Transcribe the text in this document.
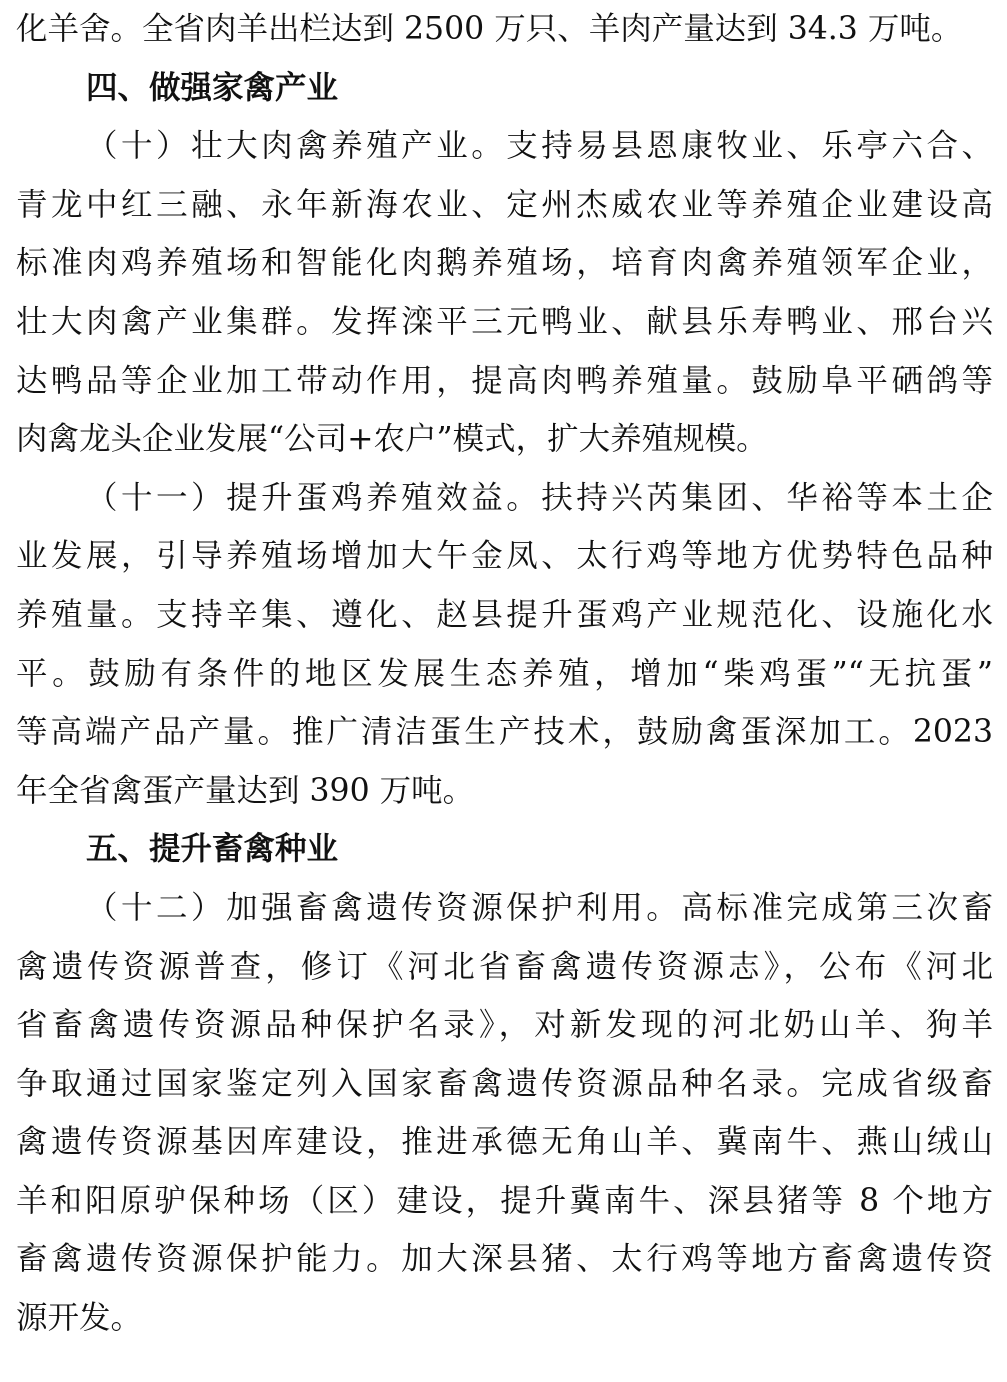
化羊舍。全省肉羊出栏达到 2500 万只、羊肉产量达到 34.3 万吨。
四、做强家禽产业
（十）壮大肉禽养殖产业。支持易县恩康牧业、乐亭六合、
青龙中红三融、永年新海农业、定州杰威农业等养殖企业建设高
标准肉鸡养殖场和智能化肉鹅养殖场，培育肉禽养殖领军企业，
壮大肉禽产业集群。发挥滦平三元鸭业、献县乐寿鸭业、邢台兴
达鸭品等企业加工带动作用，提高肉鸭养殖量。鼓励阜平硒鸽等
肉禽龙头企业发展“公司+农户”模式，扩大养殖规模。
（十一）提升蛋鸡养殖效益。扶持兴芮集团、华裕等本土企
业发展，引导养殖场增加大午金凤、太行鸡等地方优势特色品种
养殖量。支持辛集、遵化、赵县提升蛋鸡产业规范化、设施化水
平。鼓励有条件的地区发展生态养殖，增加“柴鸡蛋”“无抗蛋”
等高端产品产量。推广清洁蛋生产技术，鼓励禽蛋深加工。2023
年全省禽蛋产量达到 390 万吨。
五、提升畜禽种业
（十二）加强畜禽遗传资源保护利用。高标准完成第三次畜
禽遗传资源普查，修订《河北省畜禽遗传资源志》，公布《河北
省畜禽遗传资源品种保护名录》，对新发现的河北奶山羊、狗羊
争取通过国家鉴定列入国家畜禽遗传资源品种名录。完成省级畜
禽遗传资源基因库建设，推进承德无角山羊、冀南牛、燕山绒山
羊和阳原驴保种场（区）建设，提升冀南牛、深县猪等 8 个地方
畜禽遗传资源保护能力。加大深县猪、太行鸡等地方畜禽遗传资
源开发。
